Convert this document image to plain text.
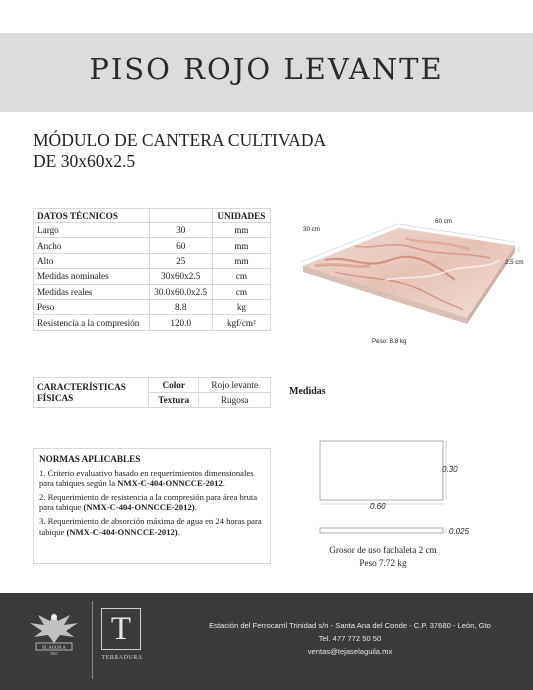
PISO ROJO LEVANTE
MÓDULO DE CANTERA CULTIVADA
DE 30x60x2.5
DATOS TÉCNICOS		UNIDADES
Largo	30	mm
Ancho	60	mm
Alto	25	mm
Medidas nominales	30x60x2.5	cm
Medidas reales	30.0x60.0x2.5	cm
Peso	8.8	kg
Resistencia a la compresión	120.0	kgf/cm²
60 cm
30 cm
2.5 cm
Peso: 8.8 kg
CARACTERÍSTICAS FÍSICAS	Color	Rojo levante
	Textura	Rugosa
Medidas
NORMAS APLICABLES

1. Criterio evaluativo basado en requerimientos dimensionales para tabiques según la NMX-C-404-ONNCCE-2012.

2. Requerimiento de resistencia a la compresión para área bruta para tabique (NMX-C-404-ONNCCE-2012).

3. Requerimiento de absorción máxima de agua en 24 horas para tabique (NMX-C-404-ONNCCE-2012).

0.30
0.60
0.025
Grosor de uso fachaleta 2 cm
Peso 7.72 kg
EL AGUILA
1921
T
TERRADURA
Estación del Ferrocarril Trinidad s/n - Santa Ana del Conde - C.P. 37680 - León, Gto
Tel. 477 772 50 50
ventas@tejaselaguila.mx
